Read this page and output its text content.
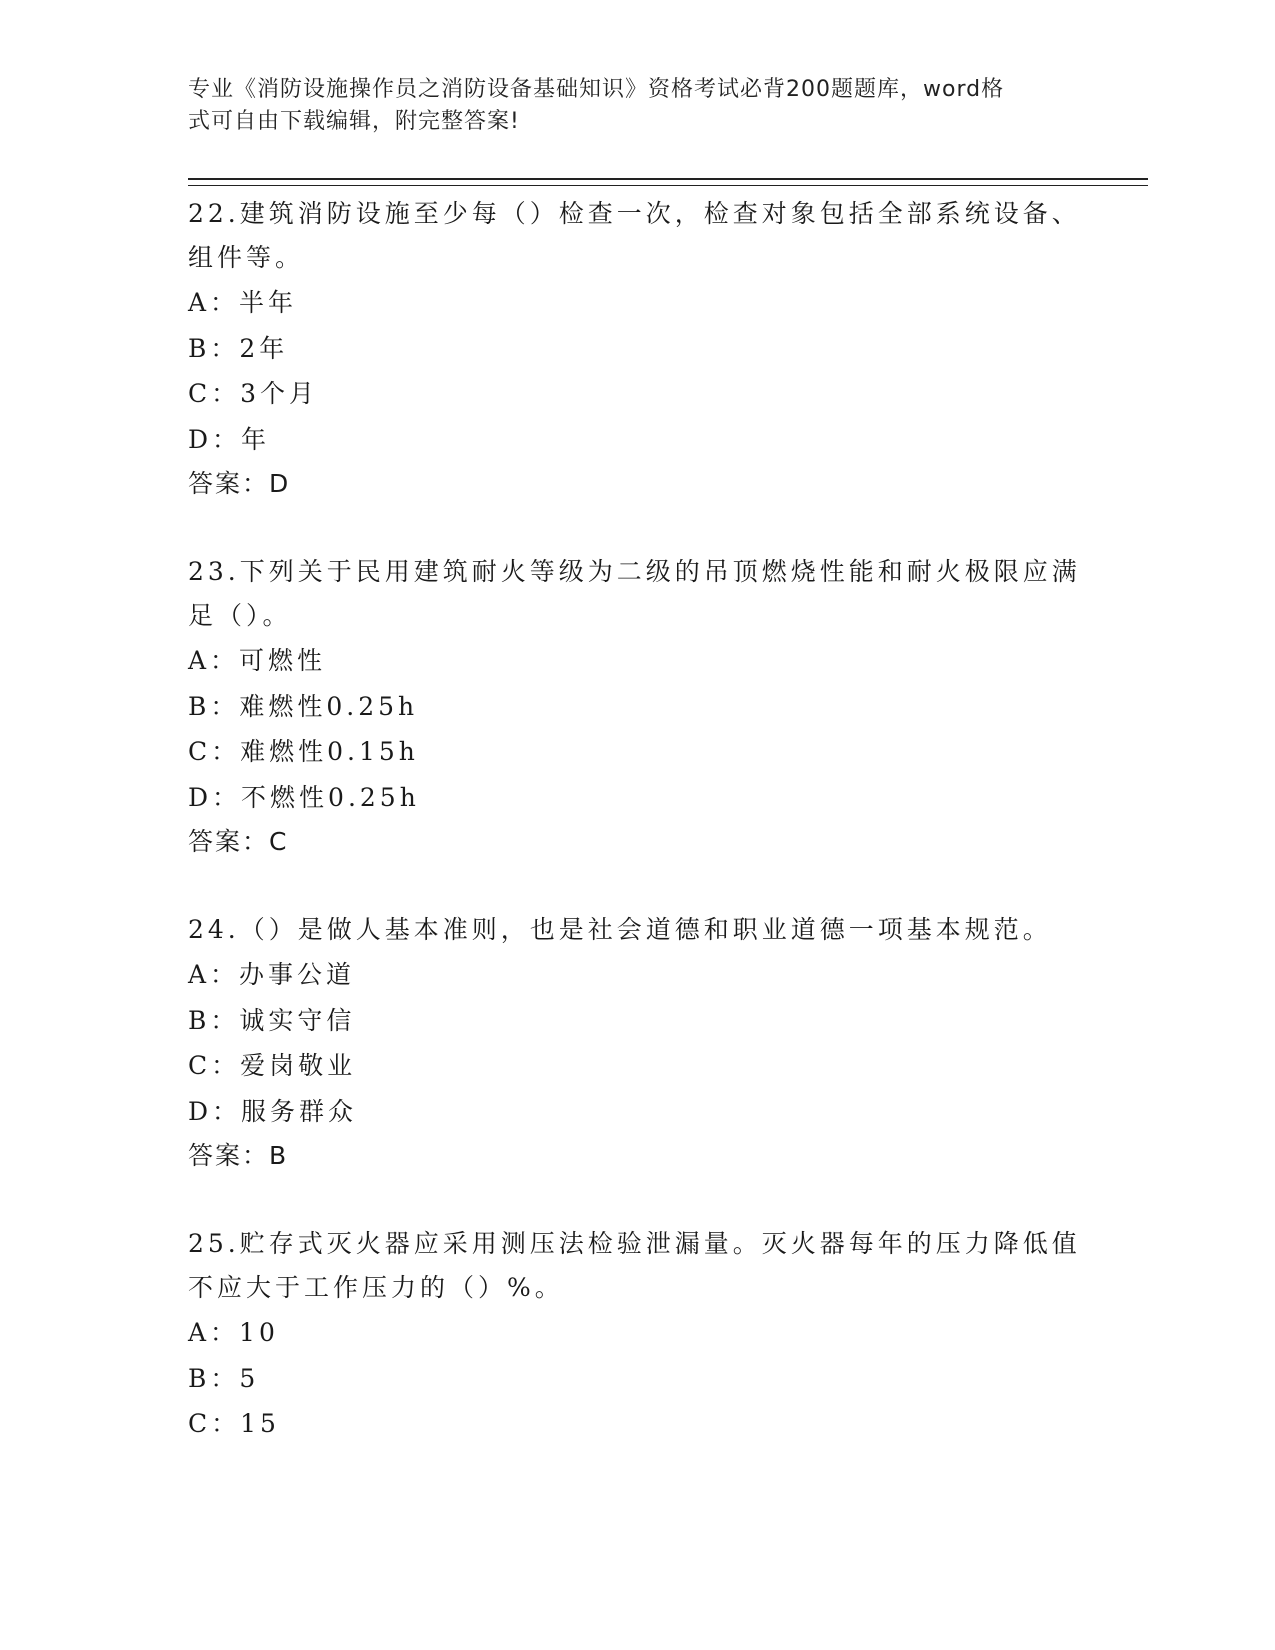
专业《消防设施操作员之消防设备基础知识》资格考试必背200题题库，word格
式可自由下载编辑，附完整答案!

22.建筑消防设施至少每（）检查一次，检查对象包括全部系统设备、组件等。

A：半年

B：2年

C：3个月

D：年

答案：D

23.下列关于民用建筑耐火等级为二级的吊顶燃烧性能和耐火极限应满足（）。

A：可燃性

B：难燃性0.25h

C：难燃性0.15h

D：不燃性0.25h

答案：C

24.（）是做人基本准则，也是社会道德和职业道德一项基本规范。

A：办事公道

B：诚实守信

C：爱岗敬业

D：服务群众

答案：B

25.贮存式灭火器应采用测压法检验泄漏量。灭火器每年的压力降低值不应大于工作压力的（）%。

A：10

B：5

C：15
